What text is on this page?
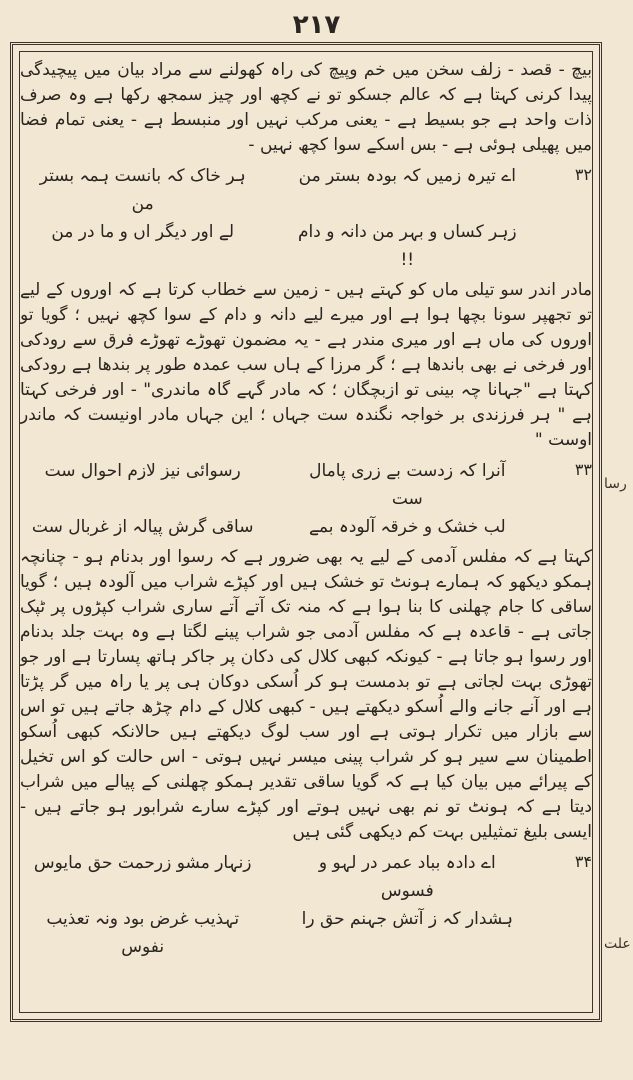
۲۱۷
رسا
علت

بیچ - قصد - زلف سخن میں خم وپیچ کی راہ کھولنے سے مراد بیان میں پیچیدگی پیدا کرنی کہتا ہے کہ عالم جسکو تو نے کچھ اور چیز سمجھ رکھا ہے وہ صرف ذات واحد ہے جو بسیط ہے - یعنی مرکب نہیں اور منبسط ہے - یعنی تمام فضا میں پھیلی ہوئی ہے - بس اسکے سوا کچھ نہیں -

۳۲
اے تیرہ زمیں کہ بودہ بستر من
ہر خاک کہ بانست ہمہ بستر من
زہر کساں و بہر من دانہ و دام !!
لے اور دیگر اں و ما در من

مادر اندر سو تیلی ماں کو کہتے ہیں - زمین سے خطاب کرتا ہے کہ اوروں کے لیے تو تجھپر سونا بچھا ہوا ہے اور میرے لیے دانہ و دام کے سوا کچھ نہیں ؛ گویا تو اوروں کی ماں ہے اور میری مندر ہے - یہ مضمون تھوڑے تھوڑے فرق سے رودکی اور فرخی نے بھی باندھا ہے ؛ گر مرزا کے ہاں سب عمدہ طور پر بندھا ہے رودکی کہتا ہے "جہانا چہ بینی تو ازبچگان ؛ کہ مادر گہے گاہ ماندری" - اور فرخی کہتا ہے " ہر فرزندی بر خواجہ نگندہ ست جہاں ؛ این جہاں مادر اونیست کہ ماندر اوست "

۳۳
آنرا کہ زدست بے زری پامال ست
رسوائی نیز لازم احوال ست
لب خشک و خرقہ آلودہ بمے
ساقی گرش پیالہ از غربال ست

کہتا ہے کہ مفلس آدمی کے لیے یہ بھی ضرور ہے کہ رسوا اور بدنام ہو - چنانچہ ہمکو دیکھو کہ ہمارے ہونٹ تو خشک ہیں اور کپڑے شراب میں آلودہ ہیں ؛ گویا ساقی کا جام چھلنی کا بنا ہوا ہے کہ منہ تک آتے آتے ساری شراب کپڑوں پر ٹپک جاتی ہے - قاعدہ ہے کہ مفلس آدمی جو شراب پینے لگتا ہے وہ بہت جلد بدنام اور رسوا ہو جاتا ہے - کیونکہ کبھی کلال کی دکان پر جاکر ہاتھ پسارتا ہے اور جو تھوڑی بہت لجاتی ہے تو بدمست ہو کر اُسکی دوکان ہی پر یا راہ میں گر پڑتا ہے اور آنے جانے والے اُسکو دیکھتے ہیں - کبھی کلال کے دام چڑھ جاتے ہیں تو اس سے بازار میں تکرار ہوتی ہے اور سب لوگ دیکھتے ہیں حالانکہ کبھی اُسکو اطمینان سے سیر ہو کر شراب پینی میسر نہیں ہوتی - اس حالت کو اس تخیل کے پیرائے میں بیان کیا ہے کہ گویا ساقی تقدیر ہمکو چھلنی کے پیالے میں شراب دیتا ہے کہ ہونٹ تو نم بھی نہیں ہوتے اور کپڑے سارے شرابور ہو جاتے ہیں - ایسی بلیغ تمثیلیں بہت کم دیکھی گئی ہیں

۳۴
اے دادہ بباد عمر در لہو و فسوس
زنہار مشو زرحمت حق مایوس
ہشدار کہ ز آتش جہنم حق را
تہذیب غرض بود ونہ تعذیب نفوس
